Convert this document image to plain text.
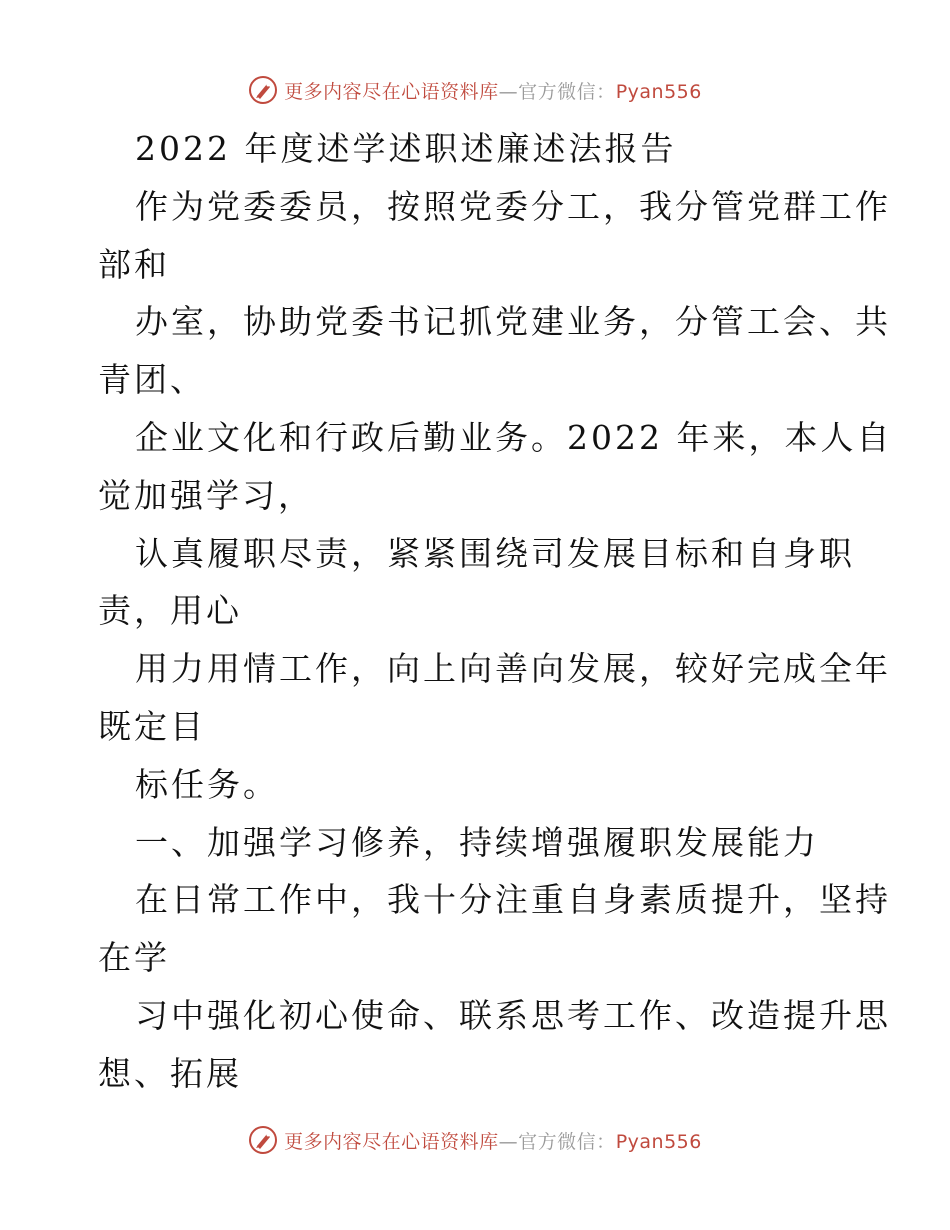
更多内容尽在心语资料库—官方微信：Pyan556
2022 年度述学述职述廉述法报告
作为党委委员，按照党委分工，我分管党群工作
部和
办室，协助党委书记抓党建业务，分管工会、共
青团、
企业文化和行政后勤业务。2022 年来，本人自
觉加强学习，
认真履职尽责，紧紧围绕司发展目标和自身职
责，用心
用力用情工作，向上向善向发展，较好完成全年
既定目
标任务。
一、加强学习修养，持续增强履职发展能力
在日常工作中，我十分注重自身素质提升，坚持
在学
习中强化初心使命、联系思考工作、改造提升思
想、拓展
更多内容尽在心语资料库—官方微信：Pyan556
